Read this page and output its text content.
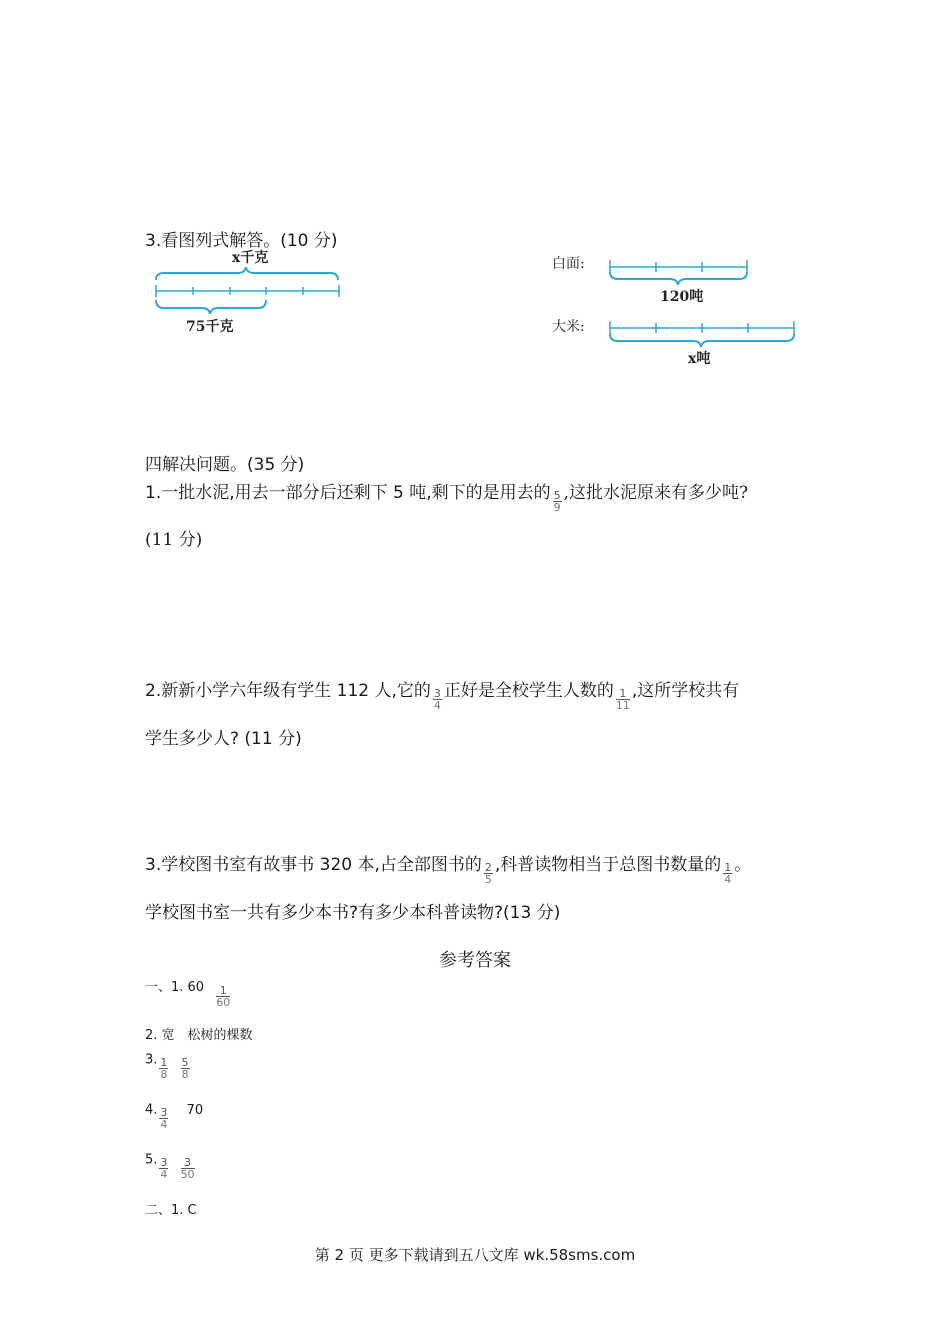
3.看图列式解答。(10 分)
x千克
75千克
白面:
大米:
120吨
x吨
四解决问题。(35 分)
1.一批水泥,用去一部分后还剩下 5 吨,剩下的是用去的 $\frac{5}{9}$ ,这批水泥原来有多少吨?
(11 分)
2.新新小学六年级有学生 112 人,它的 $\frac{3}{4}$ 正好是全校学生人数的 $\frac{1}{11}$ ,这所学校共有
学生多少人? (11 分)
3.学校图书室有故事书 320 本,占全部图书的 $\frac{2}{5}$ ,科普读物相当于总图书数量的 $\frac{1}{4}$ 。
学校图书室一共有多少本书?有多少本科普读物?(13 分)
参考答案
一、1. $60 \frac{1}{60}$
2. 宽　松树的棵数
3. $\frac{1}{8}$
$\frac{5}{8}$
4. $\frac{3}{4} 70$
5. $\frac{3}{4}$
$\frac{3}{50}$
二、1. C
第 2 页 更多下载请到五八文库 wk.58sms.com
